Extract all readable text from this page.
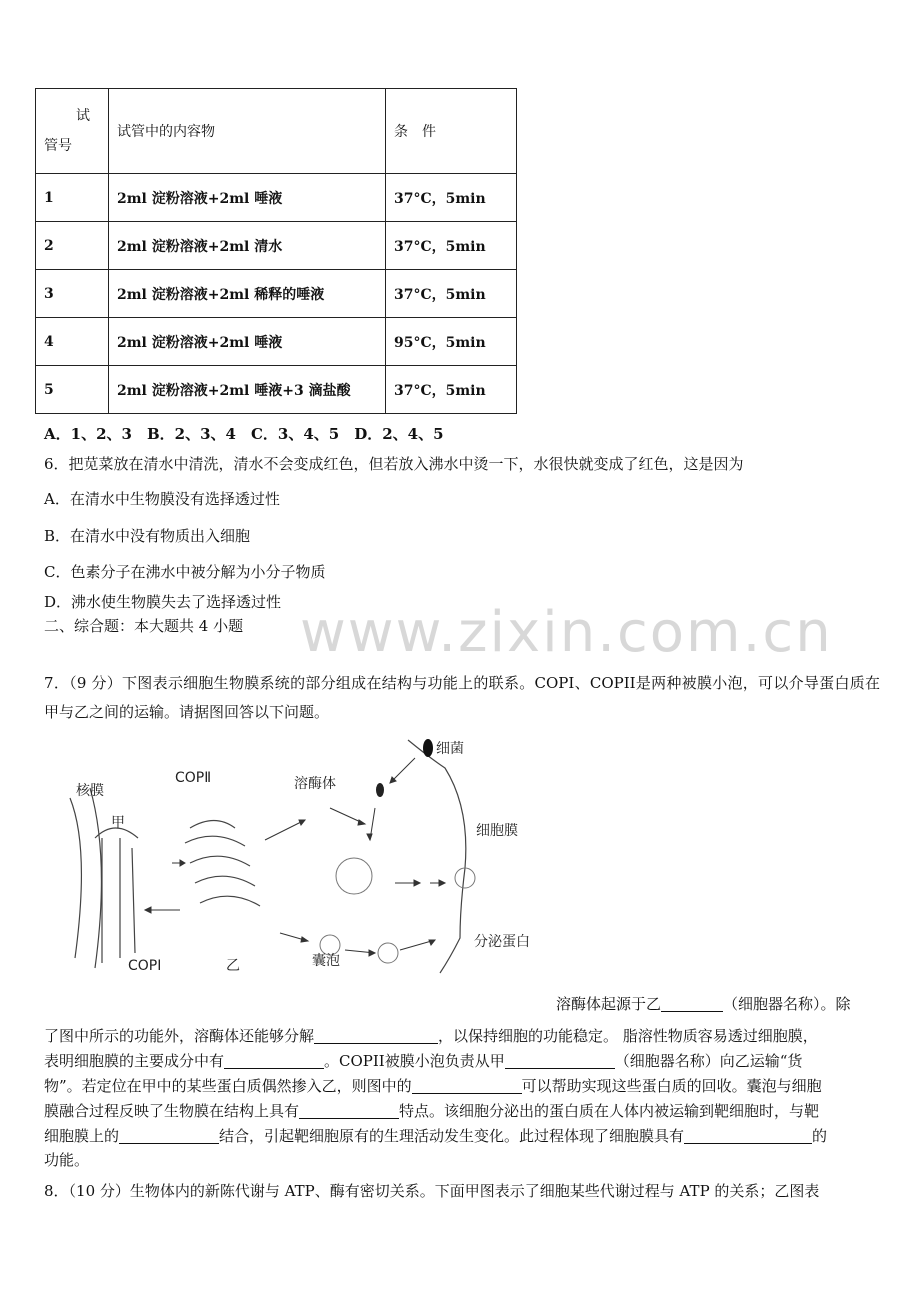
试
管号	试管中的内容物	条　件
1	2ml 淀粉溶液+2ml 唾液	37°C，5min
2	2ml 淀粉溶液+2ml 清水	37°C，5min
3	2ml 淀粉溶液+2ml 稀释的唾液	37°C，5min
4	2ml 淀粉溶液+2ml 唾液	95°C，5min
5	2ml 淀粉溶液+2ml 唾液+3 滴盐酸	37°C，5min
A．1、2、3　B．2、3、4　C．3、4、5　D．2、4、5
6．把苋菜放在清水中清洗，清水不会变成红色，但若放入沸水中烫一下，水很快就变成了红色，这是因为
A．在清水中生物膜没有选择透过性
B．在清水中没有物质出入细胞
C．色素分子在沸水中被分解为小分子物质
D．沸水使生物膜失去了选择透过性
二、综合题：本大题共 4 小题
7．（9 分）下图表示细胞生物膜系统的部分组成在结构与功能上的联系。COPI、COPII是两种被膜小泡，可以介导蛋白质在甲与乙之间的运输。请据图回答以下问题。
www.zixin.com.cn
核膜
COPⅡ
甲
溶酶体
细菌
细胞膜
COPⅠ	乙	囊泡
分泌蛋白
溶酶体起源于乙	（细胞器名称）。除
了图中所示的功能外，溶酶体还能够分解	，以保持细胞的功能稳定。 脂溶性物质容易透过细胞膜，
表明细胞膜的主要成分中有	。COPII被膜小泡负责从甲	（细胞器名称）向乙运输“货
物”。若定位在甲中的某些蛋白质偶然掺入乙，则图中的	可以帮助实现这些蛋白质的回收。囊泡与细胞
膜融合过程反映了生物膜在结构上具有	特点。该细胞分泌出的蛋白质在人体内被运输到靶细胞时，与靶
细胞膜上的	结合，引起靶细胞原有的生理活动发生变化。此过程体现了细胞膜具有	的
功能。
8．（10 分）生物体内的新陈代谢与 ATP、酶有密切关系。下面甲图表示了细胞某些代谢过程与 ATP 的关系；乙图表
